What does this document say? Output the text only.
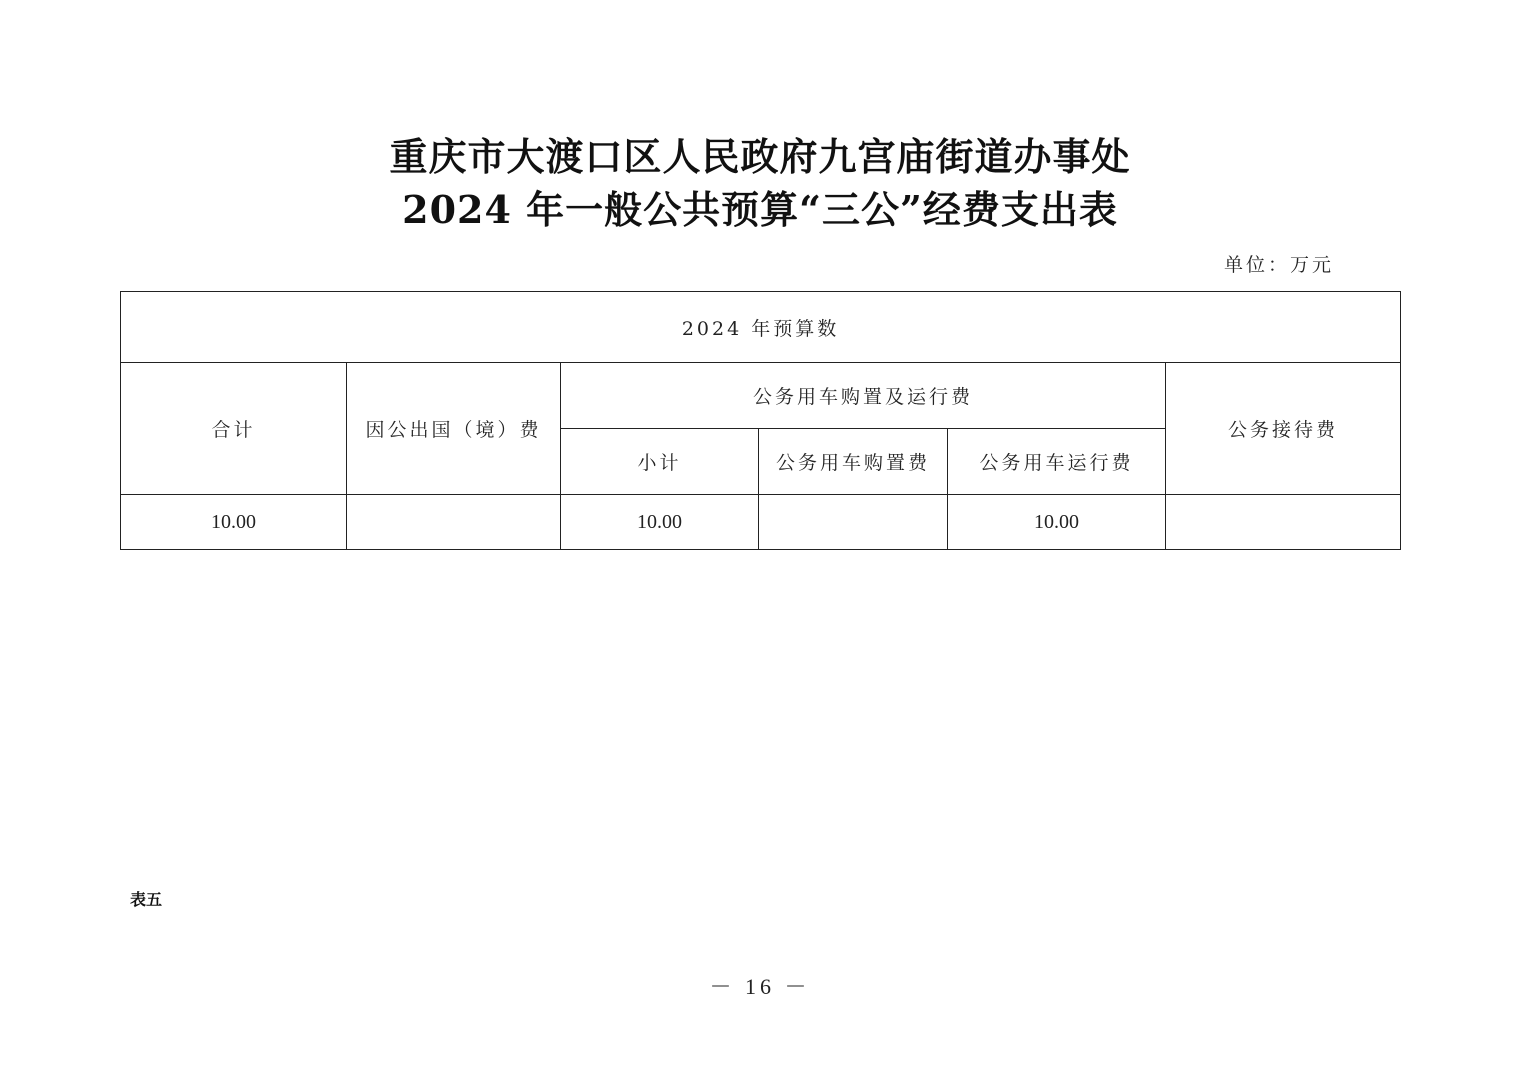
重庆市大渡口区人民政府九宫庙街道办事处
2024 年一般公共预算“三公”经费支出表
单位：万元
2024 年预算数					
合计	因公出国（境）费	公务用车购置及运行费			公务接待费
		小计	公务用车购置费	公务用车运行费	
10.00		10.00		10.00	
表五
－ 16 －
